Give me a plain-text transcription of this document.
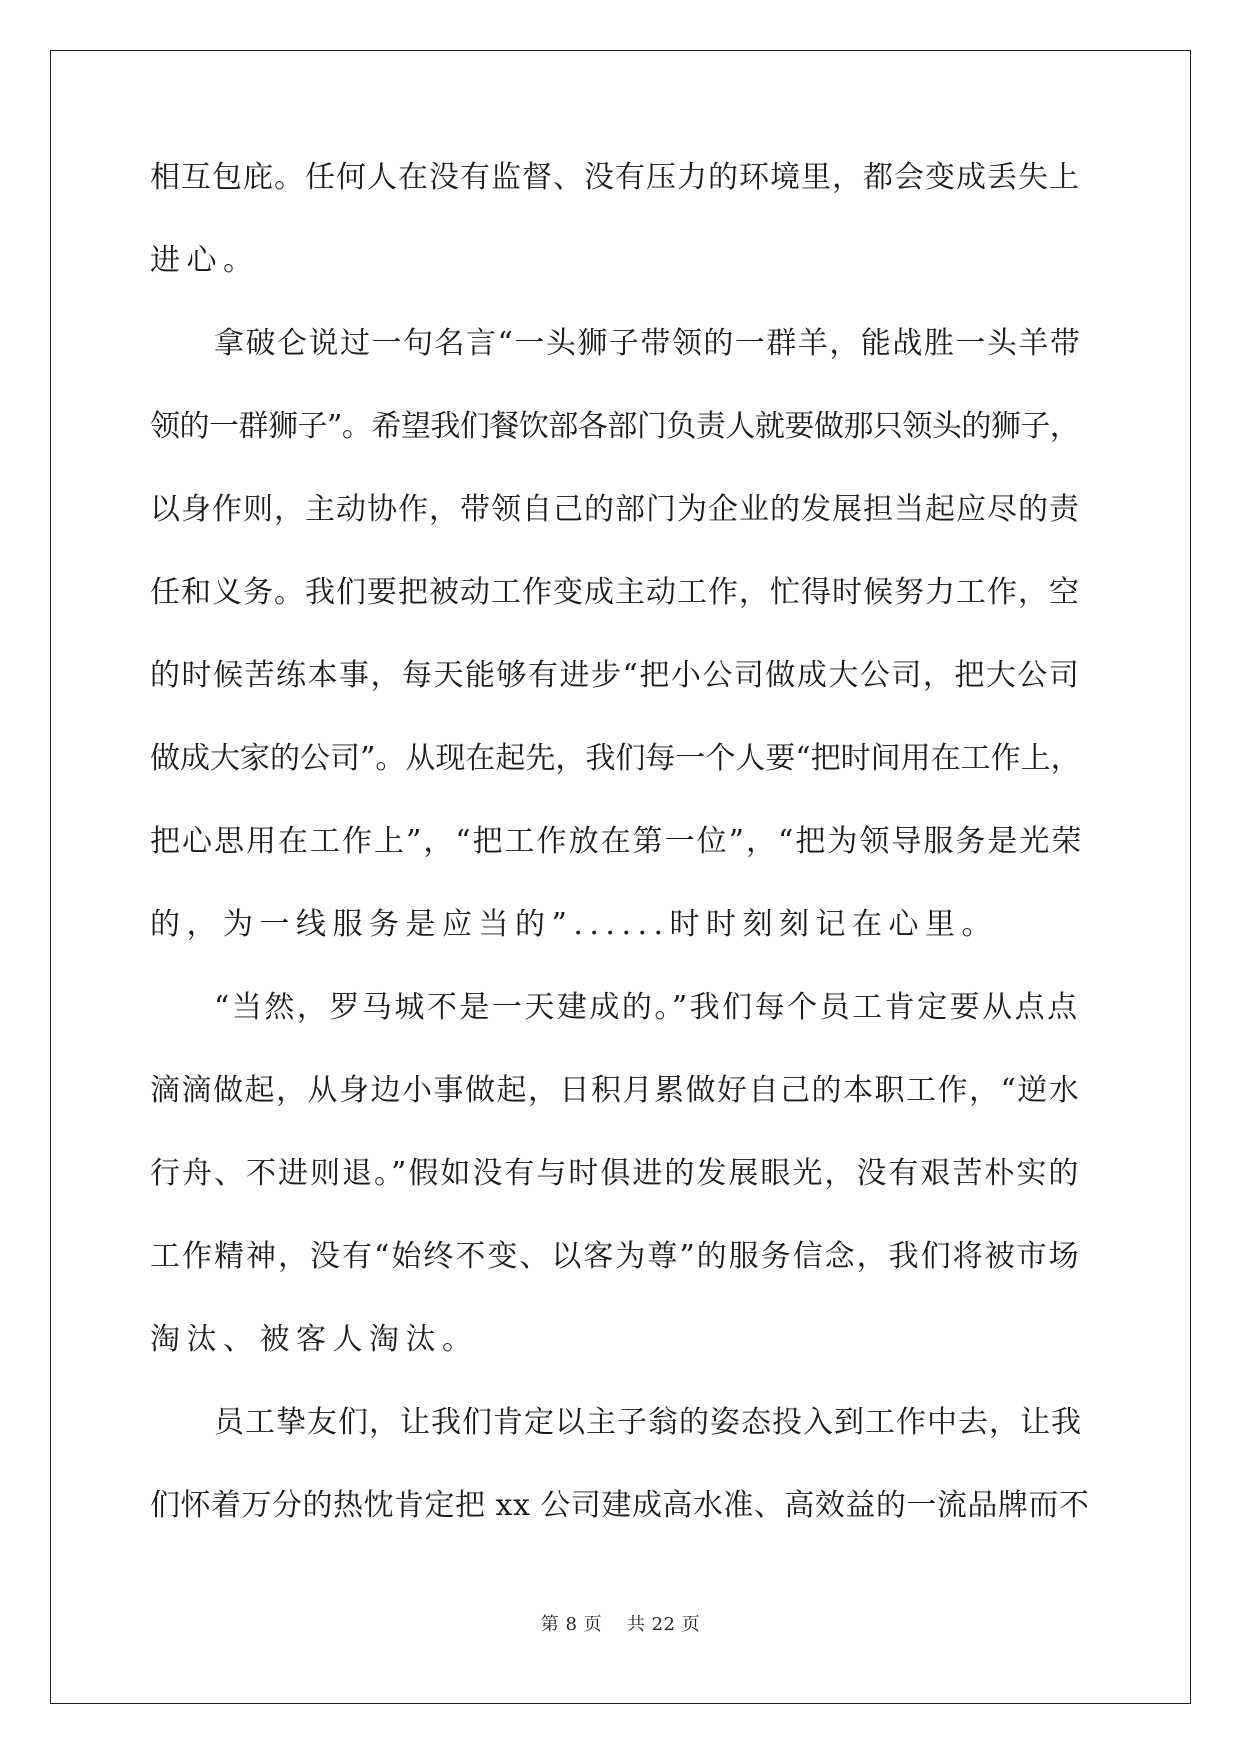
相互包庇。任何人在没有监督、没有压力的环境里，都会变成丢失上
进心。
拿破仑说过一句名言“一头狮子带领的一群羊，能战胜一头羊带
领的一群狮子”。希望我们餐饮部各部门负责人就要做那只领头的狮子，
以身作则，主动协作，带领自己的部门为企业的发展担当起应尽的责
任和义务。我们要把被动工作变成主动工作，忙得时候努力工作，空
的时候苦练本事，每天能够有进步“把小公司做成大公司，把大公司
做成大家的公司”。从现在起先，我们每一个人要“把时间用在工作上，
把心思用在工作上”，“把工作放在第一位”，“把为领导服务是光荣
的，为一线服务是应当的”......时时刻刻记在心里。
“当然，罗马城不是一天建成的。”我们每个员工肯定要从点点
滴滴做起，从身边小事做起，日积月累做好自己的本职工作，“逆水
行舟、不进则退。”假如没有与时俱进的发展眼光，没有艰苦朴实的
工作精神，没有“始终不变、以客为尊”的服务信念，我们将被市场
淘汰、被客人淘汰。
员工挚友们，让我们肯定以主子翁的姿态投入到工作中去，让我
们怀着万分的热忱肯定把 xx 公司建成高水准、高效益的一流品牌而不
第 8 页　 共 22 页
